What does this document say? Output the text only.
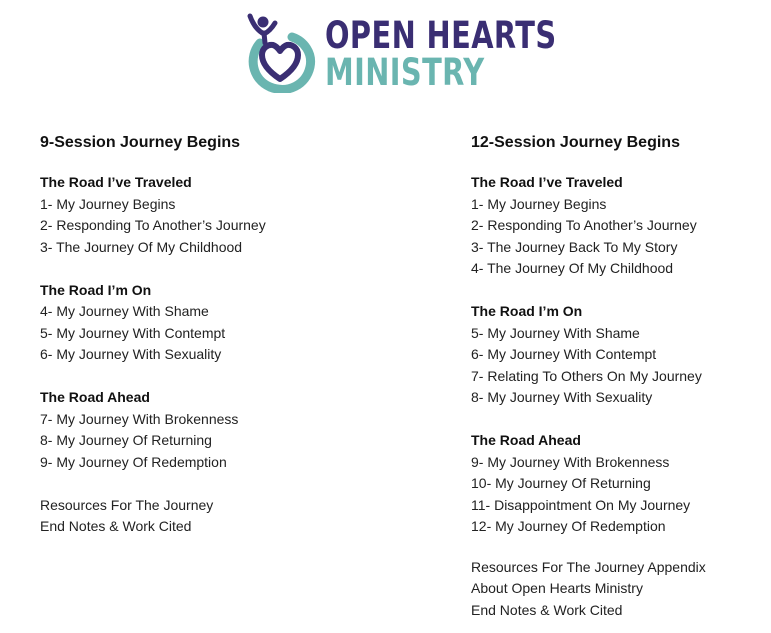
OPEN HEARTS
MINISTRY
9-Session Journey Begins
The Road I’ve Traveled
1- My Journey Begins
2- Responding To Another’s Journey
3- The Journey Of My Childhood
The Road I’m On
4- My Journey With Shame
5- My Journey With Contempt
6- My Journey With Sexuality
The Road Ahead
7- My Journey With Brokenness
8- My Journey Of Returning
9- My Journey Of Redemption
Resources For The Journey
End Notes & Work Cited
12-Session Journey Begins
The Road I’ve Traveled
1- My Journey Begins
2- Responding To Another’s Journey
3- The Journey Back To My Story
4- The Journey Of My Childhood
The Road I’m On
5- My Journey With Shame
6- My Journey With Contempt
7- Relating To Others On My Journey
8- My Journey With Sexuality
The Road Ahead
9- My Journey With Brokenness
10- My Journey Of Returning
11- Disappointment On My Journey
12- My Journey Of Redemption
Resources For The Journey Appendix
About Open Hearts Ministry
End Notes & Work Cited
